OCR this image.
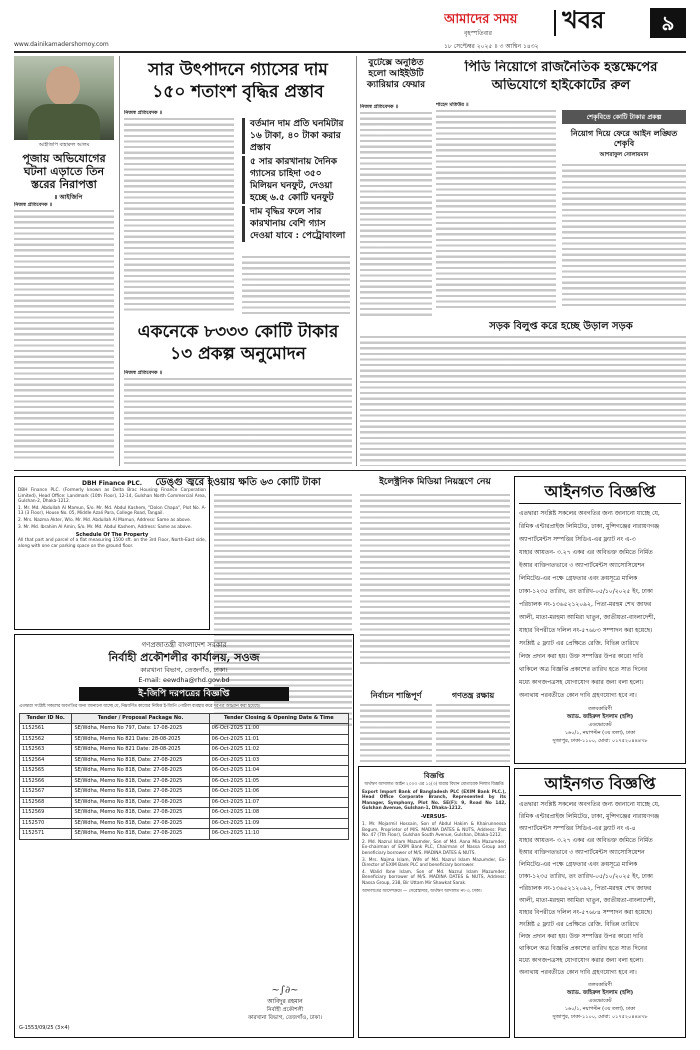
আমাদের সময়
বৃহস্পতিবার	খবর	৯
www.dainikamadershomoy.com	১৮ সেপ্টেম্বর ২০২৫ ॥ ৩ আশ্বিন ১৪৩২
আইজিপি বাহারুল আলম
পূজায় অভিযোগের ঘটনা এড়াতে তিন স্তরের নিরাপত্তা
॥ আইজিপি
নিজস্ব প্রতিবেদক ॥
সার উৎপাদনে গ্যাসের দাম
১৫০ শতাংশ বৃদ্ধির প্রস্তাব
নিজস্ব প্রতিবেদক ॥
বর্তমান দাম প্রতি ঘনমিটার ১৬ টাকা, ৪০ টাকা করার প্রস্তাব
৫ সার কারখানায় দৈনিক গ্যাসের চাহিদা ৩৫০ মিলিয়ন ঘনফুট, দেওয়া হচ্ছে ৬.৫ কোটি ঘনফুট
দাম বৃদ্ধির ফলে সার কারখানায় বেশি গ্যাস দেওয়া যাবে : পেট্রোবাংলা
বুটেক্সে অনুষ্ঠিত হলো আইইউটি ক্যারিয়ার ফেয়ার
নিজস্ব প্রতিবেদক ॥
পিডি নিয়োগে রাজনৈতিক হস্তক্ষেপের
অভিযোগে হাইকোর্টের রুল
শাহেদ মতিউর ॥
শেকৃবিতে কোটি টাকার প্রকল্প
নিয়োগ দিয়ে ফেরে আইন লঙ্ঘিত শেকৃবি
আশরাফুল সোলায়মান
একনেকে ৮৩৩৩ কোটি টাকার
১৩ প্রকল্প অনুমোদন
নিজস্ব প্রতিবেদক ॥
সড়ক বিলুপ্ত করে হচ্ছে উড়াল সড়ক
ডেঙ্গু জ্বরে হওয়ায় ক্ষতি ৬৩ কোটি টাকা	ইলেক্ট্রনিক মিডিয়া নিয়ন্ত্রণে নেয়
নির্বাচন শান্তিপূর্ণ	গণতন্ত্র রক্ষায়
আইনগত বিজ্ঞপ্তি
এতদ্বারা সংশ্লিষ্ট সকলের অবগতির জন্য জানানো যাচ্ছে যে,
রিমিক এন্টারপ্রাইজ লিমিটেড, ঢাকা, মুন্সিগঞ্জের নারায়ণগঞ্জ
অ্যাপার্টমেন্টস সম্পত্তির সিডিএ-এর ফ্ল্যাট নং এ-৩
যাহার আয়তন- ৩.২৭ একর এর অবিভক্ত জমিতে নির্মিত
ইআর ব্যক্তিগতভাবে ৩ অ্যাপার্টমেন্টস অ্যাসোসিয়েশন
লিমিটেড-এর পক্ষে গ্রেফতার এবং ক্রয়সূত্রে মালিক
ঢাকা-১২৩৫ তারিখ, তং তারিখ-০৫/১০/২০২৫ ইং, ঢাকা
পরিচালক নং-১৩৬৫২১২০৯২, পিতা-মরহুম শেখ জাফর
আলী, মাতা-মরহুমা আমিরা খাতুন, জাতীয়তা-বাংলাদেশী,
যাহার বিপরীতে দলিল নং-৫৭৬৮৩ সম্পাদন করা হয়েছে।
সংশ্লিষ্ট ৫ ফ্ল্যাট এর প্রেক্ষিতে রেজি. বিভিন্ন তারিখে
লিজ প্রদান করা হয়। উক্ত সম্পত্তির উপর কারো দাবি
থাকিলে অত্র বিজ্ঞপ্তি প্রকাশের তারিখ হতে সাত দিনের
মধ্যে কাগজপত্রসহ যোগাযোগ করার জন্য বলা হলো।
অন্যথায় পরবর্তীতে কোন দাবি গ্রহণযোগ্য হবে না।
তলবকারিণী
অ্যাড. জহিরুল ইসলাম (হলি)
এডভোকেট
১৬০/১, নয়াপল্টন (৩য় তলা), ঢাকা
সুজাপুর, ঢাকা-১১০০, মোবা: ০১৭৫২০৪৪৪৭৮
আইনগত বিজ্ঞপ্তি
এতদ্বারা সংশ্লিষ্ট সকলের অবগতির জন্য জানানো যাচ্ছে যে,
রিমিক এন্টারপ্রাইজ লিমিটেড, ঢাকা, মুন্সিগঞ্জের নারায়ণগঞ্জ
অ্যাপার্টমেন্টস সম্পত্তির সিডিএ-এর ফ্ল্যাট নং এ-৪
যাহার আয়তন- ৩.২৭ একর এর অবিভক্ত জমিতে নির্মিত
ইআর ব্যক্তিগতভাবে ৩ অ্যাপার্টমেন্টস অ্যাসোসিয়েশন
লিমিটেড-এর পক্ষে গ্রেফতার এবং ক্রয়সূত্রে মালিক
ঢাকা-১২৩৫ তারিখ, তং তারিখ-০৫/১০/২০২৫ ইং, ঢাকা
পরিচালক নং-১৩৬৫২১২০৯২, পিতা-মরহুম শেখ জাফর
আলী, মাতা-মরহুমা আমিরা খাতুন, জাতীয়তা-বাংলাদেশী,
যাহার বিপরীতে দলিল নং-৫৭৬৮৪ সম্পাদন করা হয়েছে।
সংশ্লিষ্ট ৫ ফ্ল্যাট এর প্রেক্ষিতে রেজি. বিভিন্ন তারিখে
লিজ প্রদান করা হয়। উক্ত সম্পত্তির উপর কারো দাবি
থাকিলে অত্র বিজ্ঞপ্তি প্রকাশের তারিখ হতে সাত দিনের
মধ্যে কাগজপত্রসহ যোগাযোগ করার জন্য বলা হলো।
অন্যথায় পরবর্তীতে কোন দাবি গ্রহণযোগ্য হবে না।
তলবকারিণী
অ্যাড. জহিরুল ইসলাম (হলি)
এডভোকেট
১৬০/১, নয়াপল্টন (৩য় তলা), ঢাকা
সুজাপুর, ঢাকা-১১০০, মোবা: ০১৭৫২০৪৪৪৭৮
DBH Finance PLC.
DBH Finance PLC. (Formerly known as Delta Brac Housing Finance Corporation Limited), Head Office: Landmark (10th Floor), 12-14, Gulshan North Commercial Area, Gulshan-2, Dhaka-1212.
1. Mr. Md. Abdullah Al Mamun, S/o. Mr. Md. Abdul Kashem, "Dolon Chapa", Plot No. A-13 (3 Floor), House No. 05, Middle Azali Para, College Road, Tangail.
2. Mrs. Nazma Akter, W/o. Mr. Md. Abdullah Al Mamun, Address: Same as above.
3. Mr. Md. Ibrahim Al Amin, S/o. Mr. Md. Abdul Kashem, Address: Same as above.
Schedule Of The Property
All that part and parcel of a flat measuring 1500 sft. on the 3rd Floor, North-East side, along with one car parking space on the ground floor.
গণপ্রজাতন্ত্রী বাংলাদেশ সরকার
নির্বাহী প্রকৌশলীর কার্যালয়, সওজ
কারখানা বিভাগ, তেজগাঁও, ঢাকা।
E-mail: eewdha@rhd.gov.bd
ই-জিপি দরপত্রের বিজ্ঞপ্তি
এতদ্বারা সংশ্লিষ্ট সকলের অবগতির জন্য জানানো যাচ্ছে যে, নিম্নবর্ণিত কাজের নিমিত্ত ই-জিপি পোর্টাল ব্যবহার করে দরপত্র আহ্বান করা হয়েছে।
Tender ID No.	Tender / Proposal Package No.	Tender Closing & Opening Date & Time
1152561	SE/Wdha, Memo No 797, Date: 17-08-2025	06-Oct-2025 11:00
1152562	SE/Wdha, Memo No 821 Date: 28-08-2025	06-Oct-2025 11:01
1152563	SE/Wdha, Memo No 821 Date: 28-08-2025	06-Oct-2025 11:02
1152564	SE/Wdha, Memo No 818, Date: 27-08-2025	06-Oct-2025 11:03
1152565	SE/Wdha, Memo No 818, Date: 27-08-2025	06-Oct-2025 11:04
1152566	SE/Wdha, Memo No 818, Date: 27-08-2025	06-Oct-2025 11:05
1152567	SE/Wdha, Memo No 818, Date: 27-08-2025	06-Oct-2025 11:06
1152568	SE/Wdha, Memo No 818, Date: 27-08-2025	06-Oct-2025 11:07
1152569	SE/Wdha, Memo No 818, Date: 27-08-2025	06-Oct-2025 11:08
1152570	SE/Wdha, Memo No 818, Date: 27-08-2025	06-Oct-2025 11:09
1152571	SE/Wdha, Memo No 818, Date: 27-08-2025	06-Oct-2025 11:10
~∫∂~
আবিদুর রহমান
নির্বাহী প্রকৌশলী
কারখানা বিভাগ, তেজগাঁও, ঢাকা।
G-1553/09/25 (3×4)
বিজ্ঞপ্তি
অর্থঋণ আদালত আইন ২০০৩ এর ১২(৩) ধারার বিধান মোতাবেক নিলাম বিজ্ঞপ্তি
Export Import Bank of Bangladesh PLC (EXIM Bank PLC.), Head Office Corporate Branch, Represented by its Manager, Symphony, Plot No. SE(F): 9, Road No 142, Gulshan Avenue, Gulshan-1, Dhaka-1212.
-VERSUS-
1. Mr. Mojarmil Hossain, Son of Abdul Hakim & Khairunnessa Begum, Proprietor of M/S. MADINA DATES & NUTS, Address: Plot No. 47 (7th Floor), Gulshan South Avenue, Gulshan, Dhaka-1212.
2. Md. Nazrul Islam Mazumder, Son of Md. Aana Mia Mazumder, Ex-chairman of EXIM Bank PLC, Chairman of Nassa Group and beneficiary borrower of M/S. MADINA DATES & NUTS.
3. Mrs. Najma Islam, Wife of Md. Nazrul Islam Mazumder, Ex-Director of EXIM Bank PLC and beneficiary borrower.
4. Walid Ibne Islam, Son of Md. Nazrul Islam Mazumder, Beneficiary borrower of M/S. MADINA DATES & NUTS, Address: Nassa Group, 238, Bir Uttam Mir Shawkat Sarak.
আদালতের আদেশক্রমে — সেরেস্তাদার, অর্থঋণ আদালত নং-৩, ঢাকা।
